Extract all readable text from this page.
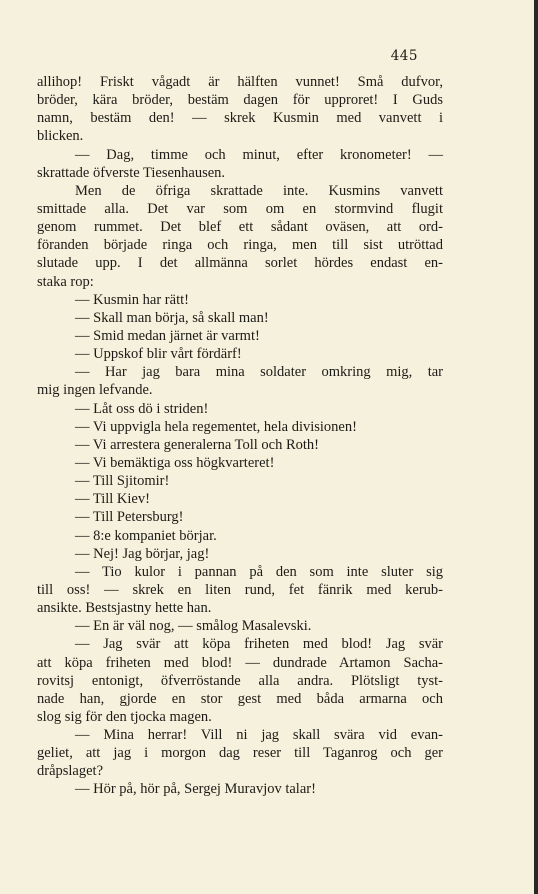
445
allihop! Friskt vågadt är hälften vunnet! Små dufvor,
bröder, kära bröder, bestäm dagen för upproret! I Guds
namn, bestäm den! — skrek Kusmin med vanvett i
blicken.
— Dag, timme och minut, efter kronometer! —
skrattade öfverste Tiesenhausen.
Men de öfriga skrattade inte. Kusmins vanvett
smittade alla. Det var som om en stormvind flugit
genom rummet. Det blef ett sådant oväsen, att ord-
föranden började ringa och ringa, men till sist utröttad
slutade upp. I det allmänna sorlet hördes endast en-
staka rop:
— Kusmin har rätt!
— Skall man börja, så skall man!
— Smid medan järnet är varmt!
— Uppskof blir vårt fördärf!
— Har jag bara mina soldater omkring mig, tar
mig ingen lefvande.
— Låt oss dö i striden!
— Vi uppvigla hela regementet, hela divisionen!
— Vi arrestera generalerna Toll och Roth!
— Vi bemäktiga oss högkvarteret!
— Till Sjitomir!
— Till Kiev!
— Till Petersburg!
— 8:e kompaniet börjar.
— Nej! Jag börjar, jag!
— Tio kulor i pannan på den som inte sluter sig
till oss! — skrek en liten rund, fet fänrik med kerub-
ansikte. Bestsjastny hette han.
— En är väl nog, — smålog Masalevski.
— Jag svär att köpa friheten med blod! Jag svär
att köpa friheten med blod! — dundrade Artamon Sacha-
rovitsj entonigt, öfverröstande alla andra. Plötsligt tyst-
nade han, gjorde en stor gest med båda armarna och
slog sig för den tjocka magen.
— Mina herrar! Vill ni jag skall svära vid evan-
geliet, att jag i morgon dag reser till Taganrog och ger
dråpslaget?
— Hör på, hör på, Sergej Muravjov talar!
